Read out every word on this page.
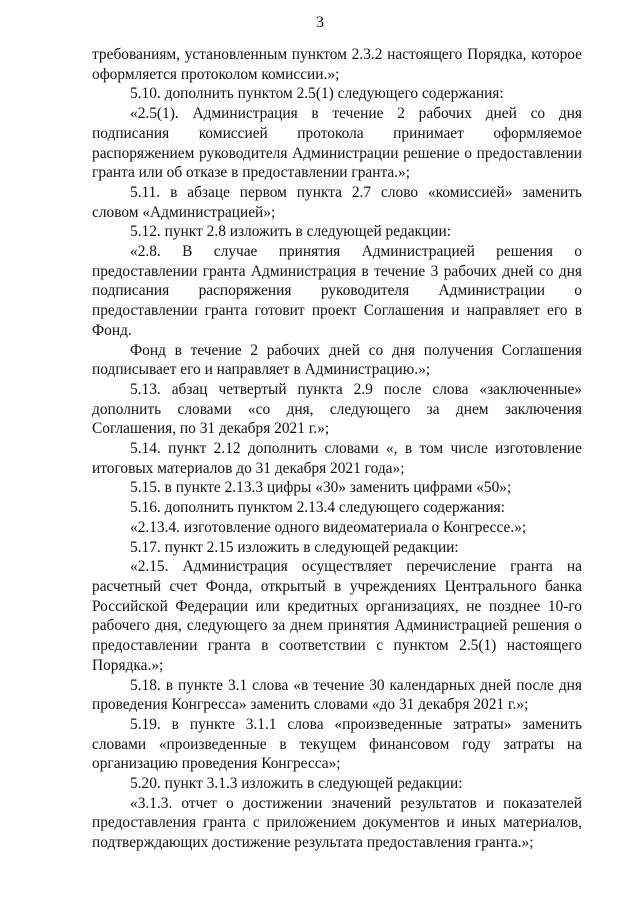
3

требованиям, установленным пунктом 2.3.2 настоящего Порядка, которое оформляется протоколом комиссии.»;

5.10. дополнить пунктом 2.5(1) следующего содержания:

«2.5(1). Администрация в течение 2 рабочих дней со дня подписания комиссией протокола принимает оформляемое распоряжением руководителя Администрации решение о предоставлении гранта или об отказе в предоставлении гранта.»;

5.11. в абзаце первом пункта 2.7 слово «комиссией» заменить словом «Администрацией»;

5.12. пункт 2.8 изложить в следующей редакции:

«2.8. В случае принятия Администрацией решения о предоставлении гранта Администрация в течение 3 рабочих дней со дня подписания распоряжения руководителя Администрации о предоставлении гранта готовит проект Соглашения и направляет его в Фонд.

Фонд в течение 2 рабочих дней со дня получения Соглашения подписывает его и направляет в Администрацию.»;

5.13. абзац четвертый пункта 2.9 после слова «заключенные» дополнить словами «со дня, следующего за днем заключения Соглашения, по 31 декабря 2021 г.»;

5.14. пункт 2.12 дополнить словами «, в том числе изготовление итоговых материалов до 31 декабря 2021 года»;

5.15. в пункте 2.13.3 цифры «30» заменить цифрами «50»;

5.16. дополнить пунктом 2.13.4 следующего содержания:

«2.13.4. изготовление одного видеоматериала о Конгрессе.»;

5.17. пункт 2.15 изложить в следующей редакции:

«2.15. Администрация осуществляет перечисление гранта на расчетный счет Фонда, открытый в учреждениях Центрального банка Российской Федерации или кредитных организациях, не позднее 10-го рабочего дня, следующего за днем принятия Администрацией решения о предоставлении гранта в соответствии с пунктом 2.5(1) настоящего Порядка.»;

5.18. в пункте 3.1 слова «в течение 30 календарных дней после дня проведения Конгресса» заменить словами «до 31 декабря 2021 г.»;

5.19. в пункте 3.1.1 слова «произведенные затраты» заменить словами «произведенные в текущем финансовом году затраты на организацию проведения Конгресса»;

5.20. пункт 3.1.3 изложить в следующей редакции:

«3.1.3. отчет о достижении значений результатов и показателей предоставления гранта с приложением документов и иных материалов, подтверждающих достижение результата предоставления гранта.»;
